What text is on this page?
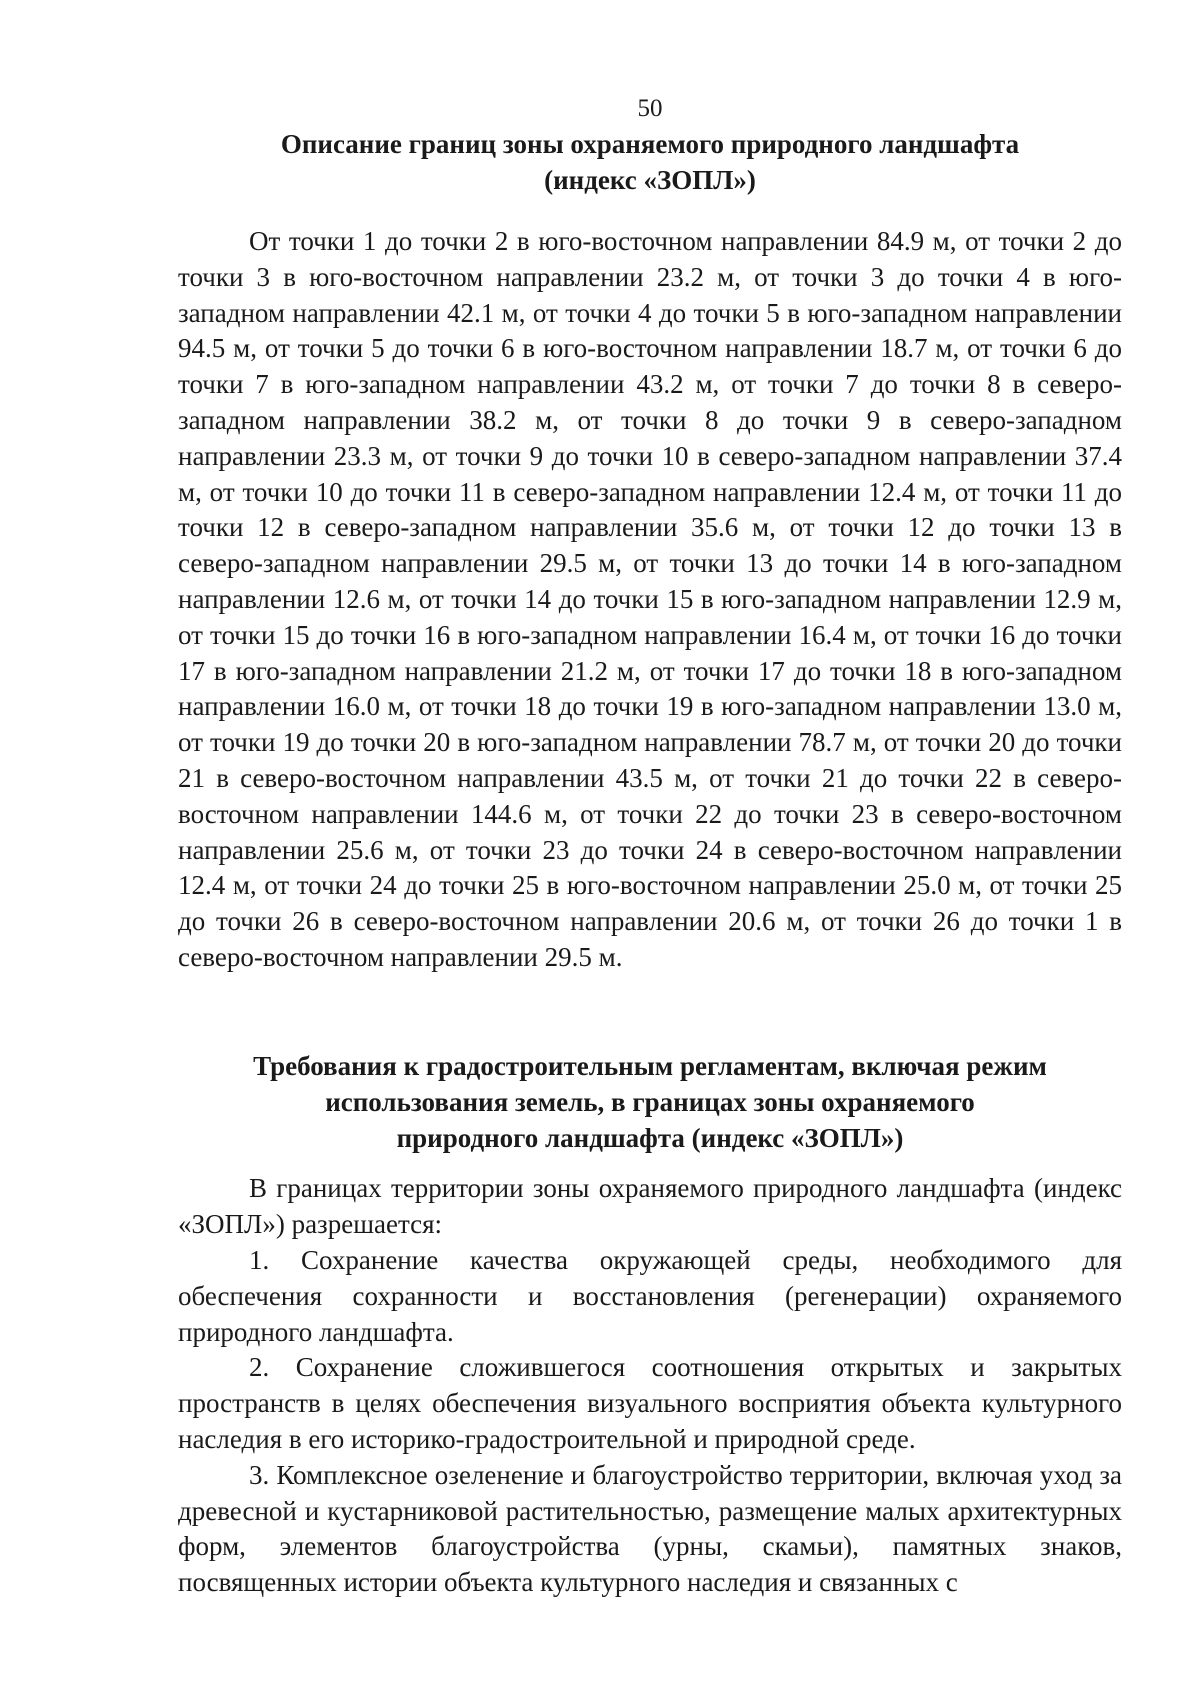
50
Описание границ зоны охраняемого природного ландшафта
(индекс «ЗОПЛ»)

От точки 1 до точки 2 в юго-восточном направлении 84.9 м, от точки 2 до точки 3 в юго-восточном направлении 23.2 м, от точки 3 до точки 4 в юго-западном направлении 42.1 м, от точки 4 до точки 5 в юго-западном направлении 94.5 м, от точки 5 до точки 6 в юго-восточном направлении 18.7 м, от точки 6 до точки 7 в юго-западном направлении 43.2 м, от точки 7 до точки 8 в северо-западном направлении 38.2 м, от точки 8 до точки 9 в северо-западном направлении 23.3 м, от точки 9 до точки 10 в северо-западном направлении 37.4 м, от точки 10 до точки 11 в северо-западном направлении 12.4 м, от точки 11 до точки 12 в северо-западном направлении 35.6 м, от точки 12 до точки 13 в северо-западном направлении 29.5 м, от точки 13 до точки 14 в юго-западном направлении 12.6 м, от точки 14 до точки 15 в юго-западном направлении 12.9 м, от точки 15 до точки 16 в юго-западном направлении 16.4 м, от точки 16 до точки 17 в юго-западном направлении 21.2 м, от точки 17 до точки 18 в юго-западном направлении 16.0 м, от точки 18 до точки 19 в юго-западном направлении 13.0 м, от точки 19 до точки 20 в юго-западном направлении 78.7 м, от точки 20 до точки 21 в северо-восточном направлении 43.5 м, от точки 21 до точки 22 в северо-восточном направлении 144.6 м, от точки 22 до точки 23 в северо-восточном направлении 25.6 м, от точки 23 до точки 24 в северо-восточном направлении 12.4 м, от точки 24 до точки 25 в юго-восточном направлении 25.0 м, от точки 25 до точки 26 в северо-восточном направлении 20.6 м, от точки 26 до точки 1 в северо-восточном направлении 29.5 м.

Требования к градостроительным регламентам, включая режим
использования земель, в границах зоны охраняемого
природного ландшафта (индекс «ЗОПЛ»)

В границах территории зоны охраняемого природного ландшафта (индекс «ЗОПЛ») разрешается:

1. Сохранение качества окружающей среды, необходимого для обеспечения сохранности и восстановления (регенерации) охраняемого природного ландшафта.

2. Сохранение сложившегося соотношения открытых и закрытых пространств в целях обеспечения визуального восприятия объекта культурного наследия в его историко-градостроительной и природной среде.

3. Комплексное озеленение и благоустройство территории, включая уход за древесной и кустарниковой растительностью, размещение малых архитектурных форм, элементов благоустройства (урны, скамьи), памятных знаков, посвященных истории объекта культурного наследия и связанных с
